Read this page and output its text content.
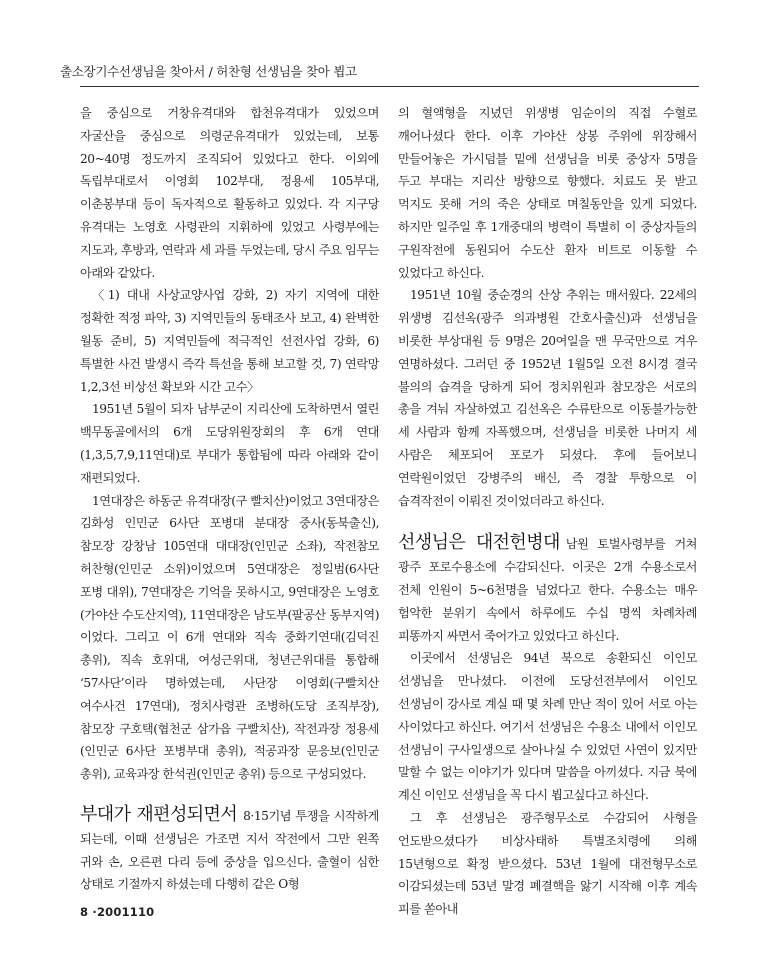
출소장기수선생님을 찾아서 / 허찬형 선생님을 찾아 뵙고

을 중심으로 거창유격대와 합천유격대가 있었으며 자굴산을 중심으로 의령군유격대가 있었는데, 보통 20~40명 정도까지 조직되어 있었다고 한다. 이외에 독립부대로서 이영회 102부대, 정용세 105부대, 이춘봉부대 등이 독자적으로 활동하고 있었다. 각 지구당 유격대는 노영호 사령관의 지휘하에 있었고 사령부에는 지도과, 후방과, 연락과 세 과를 두었는데, 당시 주요 임무는 아래와 같았다.

〈1) 대내 사상교양사업 강화, 2) 자기 지역에 대한 정확한 적정 파악, 3) 지역민들의 동태조사 보고, 4) 완벽한 월동 준비, 5) 지역민들에 적극적인 선전사업 강화, 6) 특별한 사건 발생시 즉각 특선을 통해 보고할 것, 7) 연락망 1,2,3선 비상선 확보와 시간 고수〉

1951년 5월이 되자 남부군이 지리산에 도착하면서 열린 백무동골에서의 6개 도당위원장회의 후 6개 연대(1,3,5,7,9,11연대)로 부대가 통합됨에 따라 아래와 같이 재편되었다.

1연대장은 하동군 유격대장(구 빨치산)이었고 3연대장은 김화성 인민군 6사단 포병대 분대장 중사(동북출신), 참모장 강창남 105연대 대대장(인민군 소좌), 작전참모 허찬형(인민군 소위)이었으며 5연대장은 정일범(6사단 포병 대위), 7연대장은 기억을 못하시고, 9연대장은 노영호(가야산 수도산지역), 11연대장은 남도부(팔공산 동부지역)이었다. 그리고 이 6개 연대와 직속 중화기연대(김덕진 총위), 직속 호위대, 여성근위대, 청년근위대를 통합해 ‘57사단’이라 명하였는데, 사단장 이영회(구빨치산 여수사건 17연대), 정치사령관 조병하(도당 조직부장), 참모장 구호택(협천군 삼가읍 구빨치산), 작전과장 정용세(인민군 6사단 포병부대 총위), 적공과장 문응보(인민군 총위), 교육과장 한석권(인민군 총위) 등으로 구성되었다.

부대가 재편성되면서 8·15기념 투쟁을 시작하게 되는데, 이때 선생님은 가조면 지서 작전에서 그만 왼쪽 귀와 손, 오른편 다리 등에 중상을 입으신다. 출혈이 심한 상태로 기절까지 하셨는데 다행히 같은 O형

의 혈액형을 지녔던 위생병 임순이의 직접 수혈로 깨어나셨다 한다. 이후 가야산 상봉 주위에 위장해서 만들어놓은 가시덤블 밑에 선생님을 비롯 중상자 5명을 두고 부대는 지리산 방향으로 향했다. 치료도 못 받고 먹지도 못해 거의 죽은 상태로 며칠동안을 있게 되었다. 하지만 일주일 후 1개중대의 병력이 특별히 이 중상자들의 구원작전에 동원되어 수도산 환자 비트로 이동할 수 있었다고 하신다.

1951년 10월 중순경의 산상 추위는 매서웠다. 22세의 위생병 김선옥(광주 의과병원 간호사출신)과 선생님을 비롯한 부상대원 등 9명은 20여일을 맨 무국만으로 겨우 연명하셨다. 그러던 중 1952년 1월5일 오전 8시경 결국 불의의 습격을 당하게 되어 정치위원과 참모장은 서로의 총을 겨눠 자살하였고 김선옥은 수류탄으로 이동불가능한 세 사람과 함께 자폭했으며, 선생님을 비롯한 나머지 세 사람은 체포되어 포로가 되셨다. 후에 들어보니 연락원이었던 강병주의 배신, 즉 경찰 투항으로 이 습격작전이 이뤄진 것이었더라고 하신다.

선생님은 대전헌병대 남원 토벌사령부를 거쳐 광주 포로수용소에 수감되신다. 이곳은 2개 수용소로서 전체 인원이 5~6천명을 넘었다고 한다. 수용소는 매우 험악한 분위기 속에서 하루에도 수십 명씩 차례차례 피똥까지 싸면서 죽어가고 있었다고 하신다.

이곳에서 선생님은 94년 북으로 송환되신 이인모 선생님을 만나셨다. 이전에 도당선전부에서 이인모 선생님이 강사로 계실 때 몇 차례 만난 적이 있어 서로 아는 사이었다고 하신다. 여기서 선생님은 수용소 내에서 이인모 선생님이 구사일생으로 살아나실 수 있었던 사연이 있지만 말할 수 없는 이야기가 있다며 말씀을 아끼셨다. 지금 북에 계신 이인모 선생님을 꼭 다시 뵙고싶다고 하신다.

그 후 선생님은 광주형무소로 수감되어 사형을 언도받으셨다가 비상사태하 특별조치령에 의해 15년형으로 확정 받으셨다. 53년 1월에 대전형무소로 이감되셨는데 53년 말경 폐결핵을 앓기 시작해 이후 계속 피를 쏟아내

8 ·2001110
